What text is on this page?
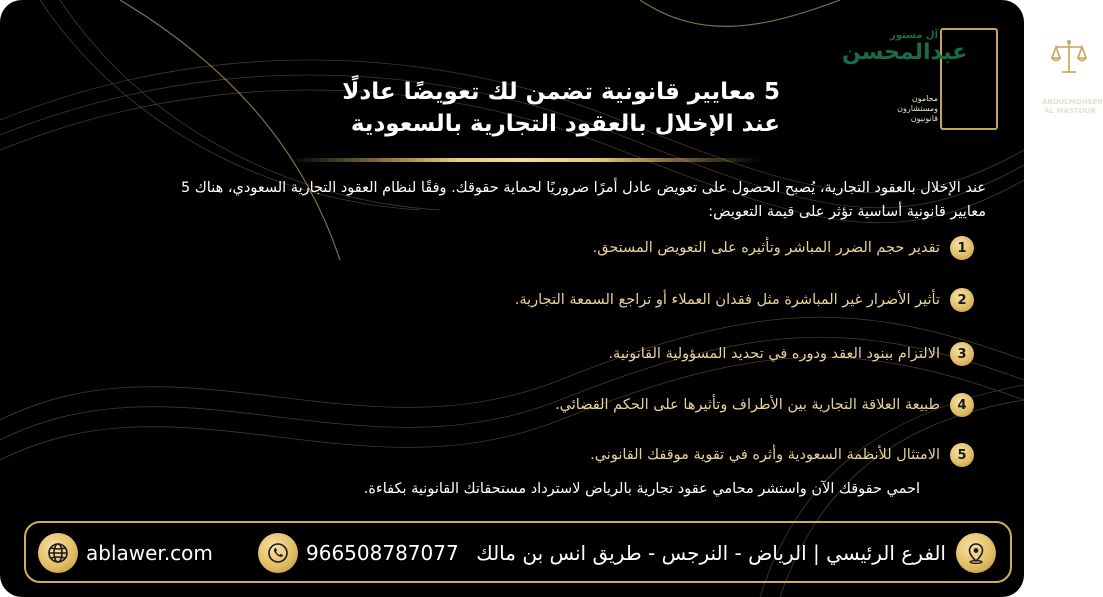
ABDULMOHSEN
AL MASTOUR
آل مستور
عبدالمحسن
محامون
ومستشارون
قانونيون
5 معايير قانونية تضمن لك تعويضًا عادلًا
عند الإخلال بالعقود التجارية بالسعودية
عند الإخلال بالعقود التجارية، يُصبح الحصول على تعويض عادل أمرًا ضروريًا لحماية حقوقك. وفقًا لنظام العقود التجارية السعودي، هناك 5 معايير قانونية أساسية تؤثر على قيمة التعويض:
1
تقدير حجم الضرر المباشر وتأثيره على التعويض المستحق.
2
تأثير الأضرار غير المباشرة مثل فقدان العملاء أو تراجع السمعة التجارية.
3
الالتزام ببنود العقد ودوره في تحديد المسؤولية القانونية.
4
طبيعة العلاقة التجارية بين الأطراف وتأثيرها على الحكم القضائي.
5
الامتثال للأنظمة السعودية وأثره في تقوية موقفك القانوني.
احمي حقوقك الآن واستشر محامي عقود تجارية بالرياض لاسترداد مستحقاتك القانونية بكفاءة.
ablawer.com	966508787077 الفرع الرئيسي | الرياض - النرجس - طريق انس بن مالك
